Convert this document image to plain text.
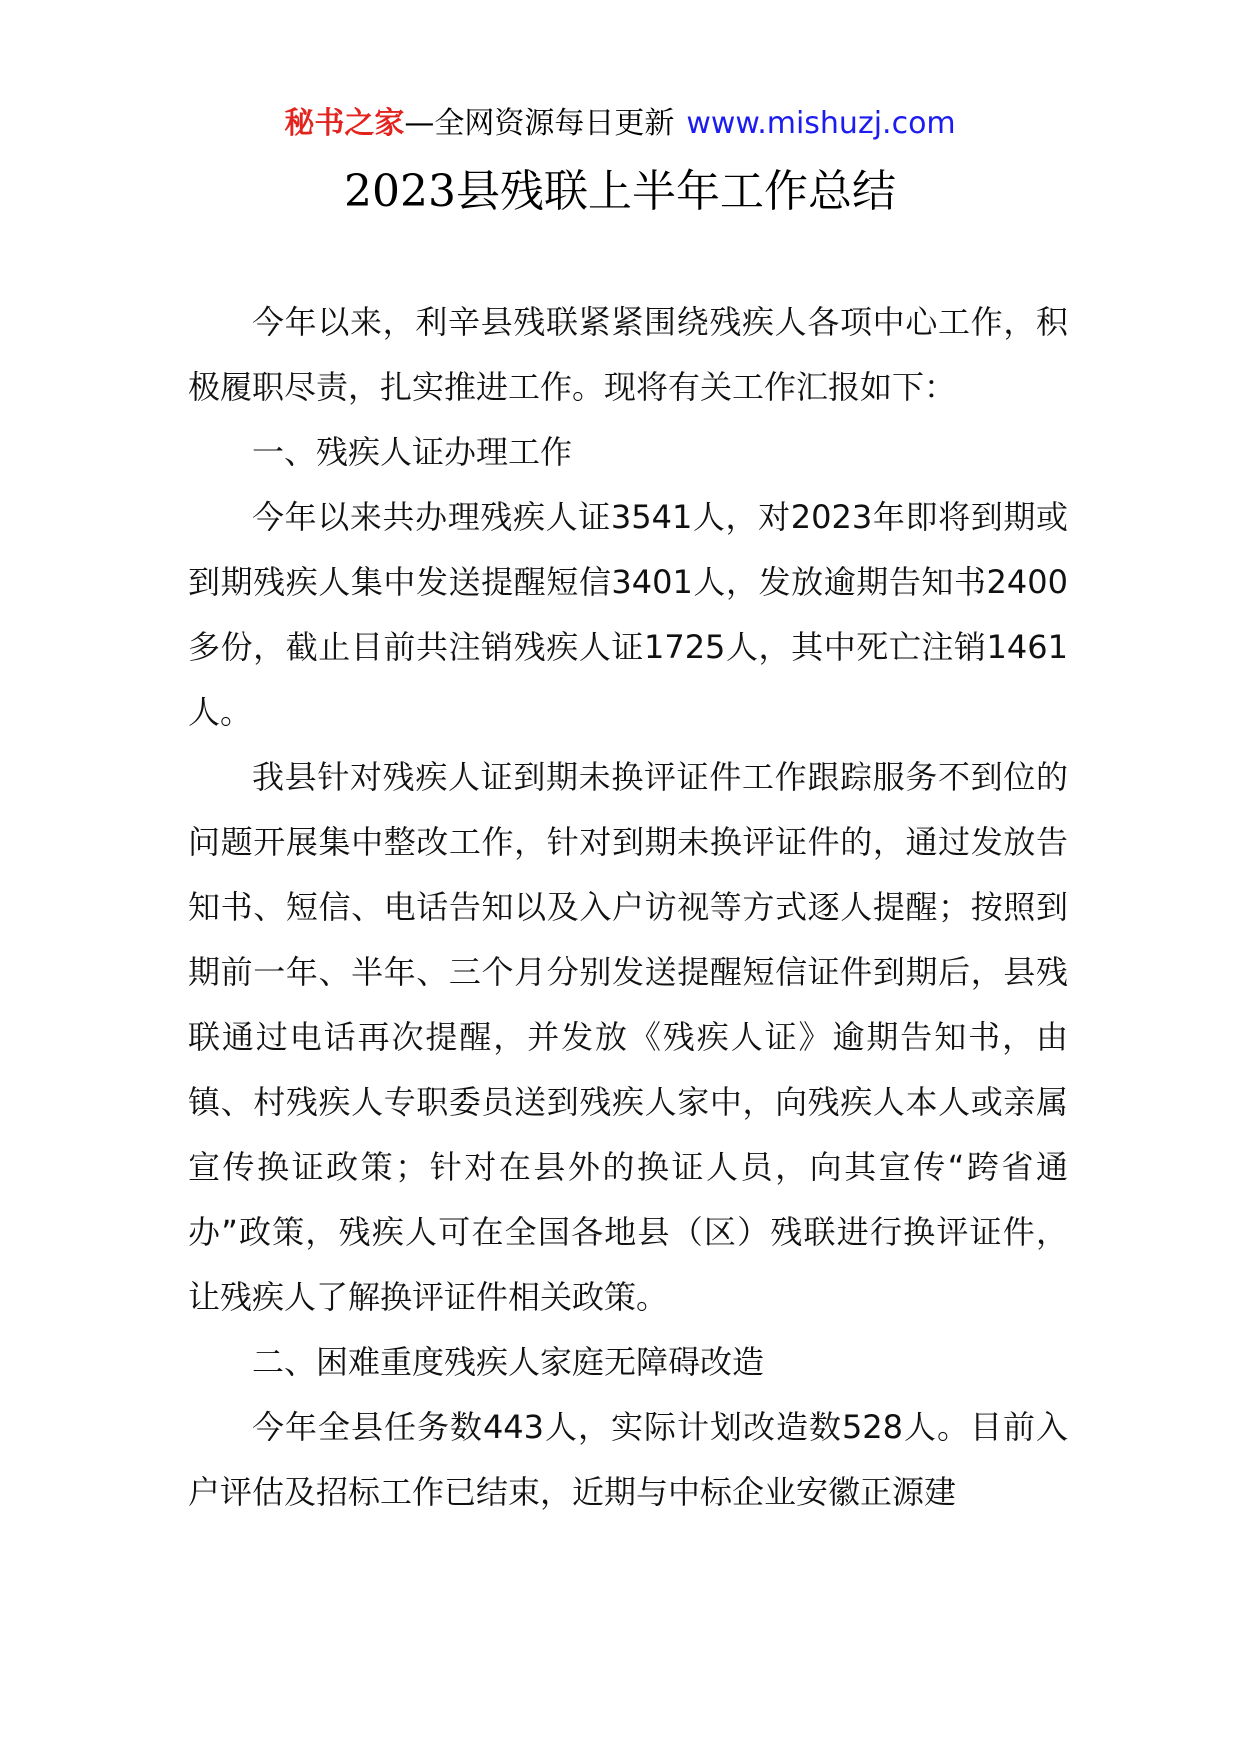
秘书之家—全网资源每日更新 www.mishuzj.com
2023县残联上半年工作总结

今年以来，利辛县残联紧紧围绕残疾人各项中心工作，积极履职尽责，扎实推进工作。现将有关工作汇报如下：

一、残疾人证办理工作

今年以来共办理残疾人证3541人，对2023年即将到期或到期残疾人集中发送提醒短信3401人，发放逾期告知书2400多份，截止目前共注销残疾人证1725人，其中死亡注销1461人。

我县针对残疾人证到期未换评证件工作跟踪服务不到位的问题开展集中整改工作，针对到期未换评证件的，通过发放告知书、短信、电话告知以及入户访视等方式逐人提醒；按照到期前一年、半年、三个月分别发送提醒短信证件到期后，县残联通过电话再次提醒，并发放《残疾人证》逾期告知书，由镇、村残疾人专职委员送到残疾人家中，向残疾人本人或亲属宣传换证政策；针对在县外的换证人员，向其宣传“跨省通办”政策，残疾人可在全国各地县（区）残联进行换评证件，让残疾人了解换评证件相关政策。

二、困难重度残疾人家庭无障碍改造

今年全县任务数443人，实际计划改造数528人。目前入户评估及招标工作已结束，近期与中标企业安徽正源建
